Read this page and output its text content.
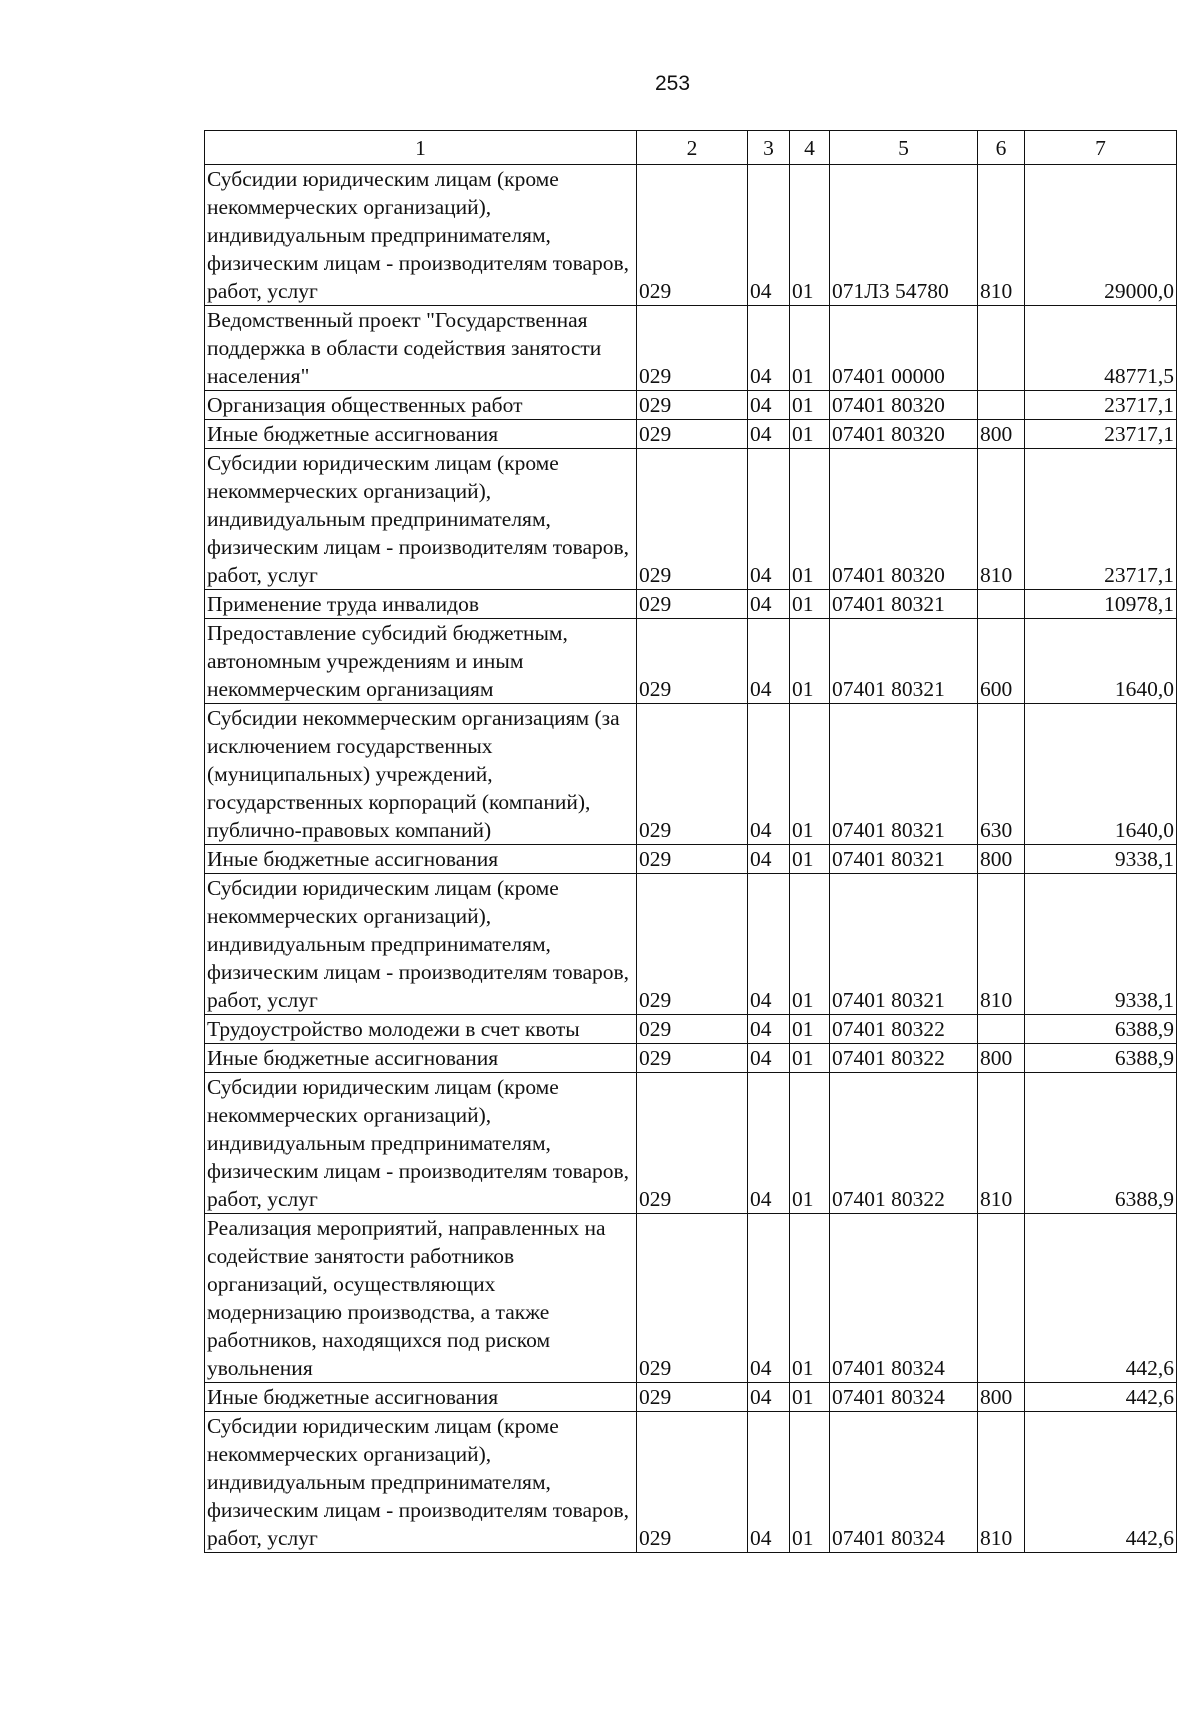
253
1	2	3	4	5	6	7
Субсидии юридическим лицам (кроме некоммерческих организаций), индивидуальным предпринимателям, физическим лицам - производителям товаров, работ, услуг	029	04	01	071Л3 54780	810	29000,0
Ведомственный проект "Государственная поддержка в области содействия занятости населения"	029	04	01	07401 00000		48771,5
Организация общественных работ	029	04	01	07401 80320		23717,1
Иные бюджетные ассигнования	029	04	01	07401 80320	800	23717,1
Субсидии юридическим лицам (кроме некоммерческих организаций), индивидуальным предпринимателям, физическим лицам - производителям товаров, работ, услуг	029	04	01	07401 80320	810	23717,1
Применение труда инвалидов	029	04	01	07401 80321		10978,1
Предоставление субсидий бюджетным, автономным учреждениям и иным некоммерческим организациям	029	04	01	07401 80321	600	1640,0
Субсидии некоммерческим организациям (за исключением государственных (муниципальных) учреждений, государственных корпораций (компаний), публично-правовых компаний)	029	04	01	07401 80321	630	1640,0
Иные бюджетные ассигнования	029	04	01	07401 80321	800	9338,1
Субсидии юридическим лицам (кроме некоммерческих организаций), индивидуальным предпринимателям, физическим лицам - производителям товаров, работ, услуг	029	04	01	07401 80321	810	9338,1
Трудоустройство молодежи в счет квоты	029	04	01	07401 80322		6388,9
Иные бюджетные ассигнования	029	04	01	07401 80322	800	6388,9
Субсидии юридическим лицам (кроме некоммерческих организаций), индивидуальным предпринимателям, физическим лицам - производителям товаров, работ, услуг	029	04	01	07401 80322	810	6388,9
Реализация мероприятий, направленных на содействие занятости работников организаций, осуществляющих модернизацию производства, а также работников, находящихся под риском увольнения	029	04	01	07401 80324		442,6
Иные бюджетные ассигнования	029	04	01	07401 80324	800	442,6
Субсидии юридическим лицам (кроме некоммерческих организаций), индивидуальным предпринимателям, физическим лицам - производителям товаров, работ, услуг	029	04	01	07401 80324	810	442,6
